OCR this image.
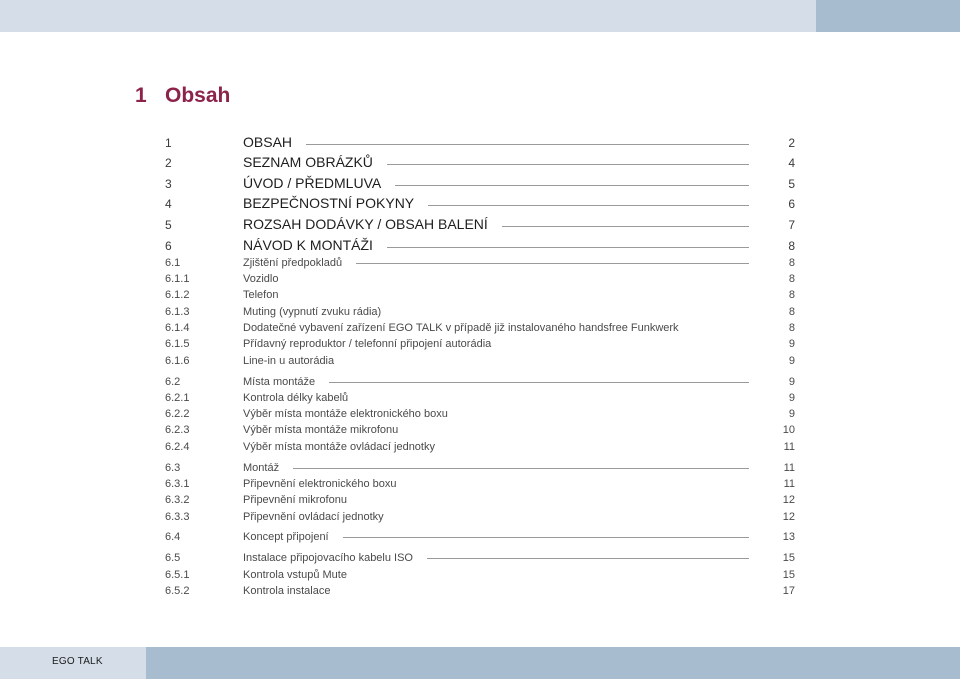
1 Obsah
1	OBSAH	2
2	SEZNAM OBRÁZKŮ	4
3	ÚVOD / PŘEDMLUVA	5
4	BEZPEČNOSTNÍ POKYNY	6
5	ROZSAH DODÁVKY / OBSAH BALENÍ	7
6	NÁVOD K MONTÁŽI	8
6.1	Zjištění předpokladů	8
6.1.1	Vozidlo	8
6.1.2	Telefon	8
6.1.3	Muting (vypnutí zvuku rádia)	8
6.1.4	Dodatečné vybavení zařízení EGO TALK v případě již instalovaného handsfree Funkwerk	8
6.1.5	Přídavný reproduktor / telefonní připojení autorádia	9
6.1.6	Line-in u autorádia	9
6.2	Místa montáže	9
6.2.1	Kontrola délky kabelů	9
6.2.2	Výběr místa montáže elektronického boxu	9
6.2.3	Výběr místa montáže mikrofonu	10
6.2.4	Výběr místa montáže ovládací jednotky	11
6.3	Montáž	11
6.3.1	Připevnění elektronického boxu	11
6.3.2	Připevnění mikrofonu	12
6.3.3	Připevnění ovládací jednotky	12
6.4	Koncept připojení	13
6.5	Instalace připojovacího kabelu ISO	15
6.5.1	Kontrola vstupů Mute	15
6.5.2	Kontrola instalace	17
EGO TALK
